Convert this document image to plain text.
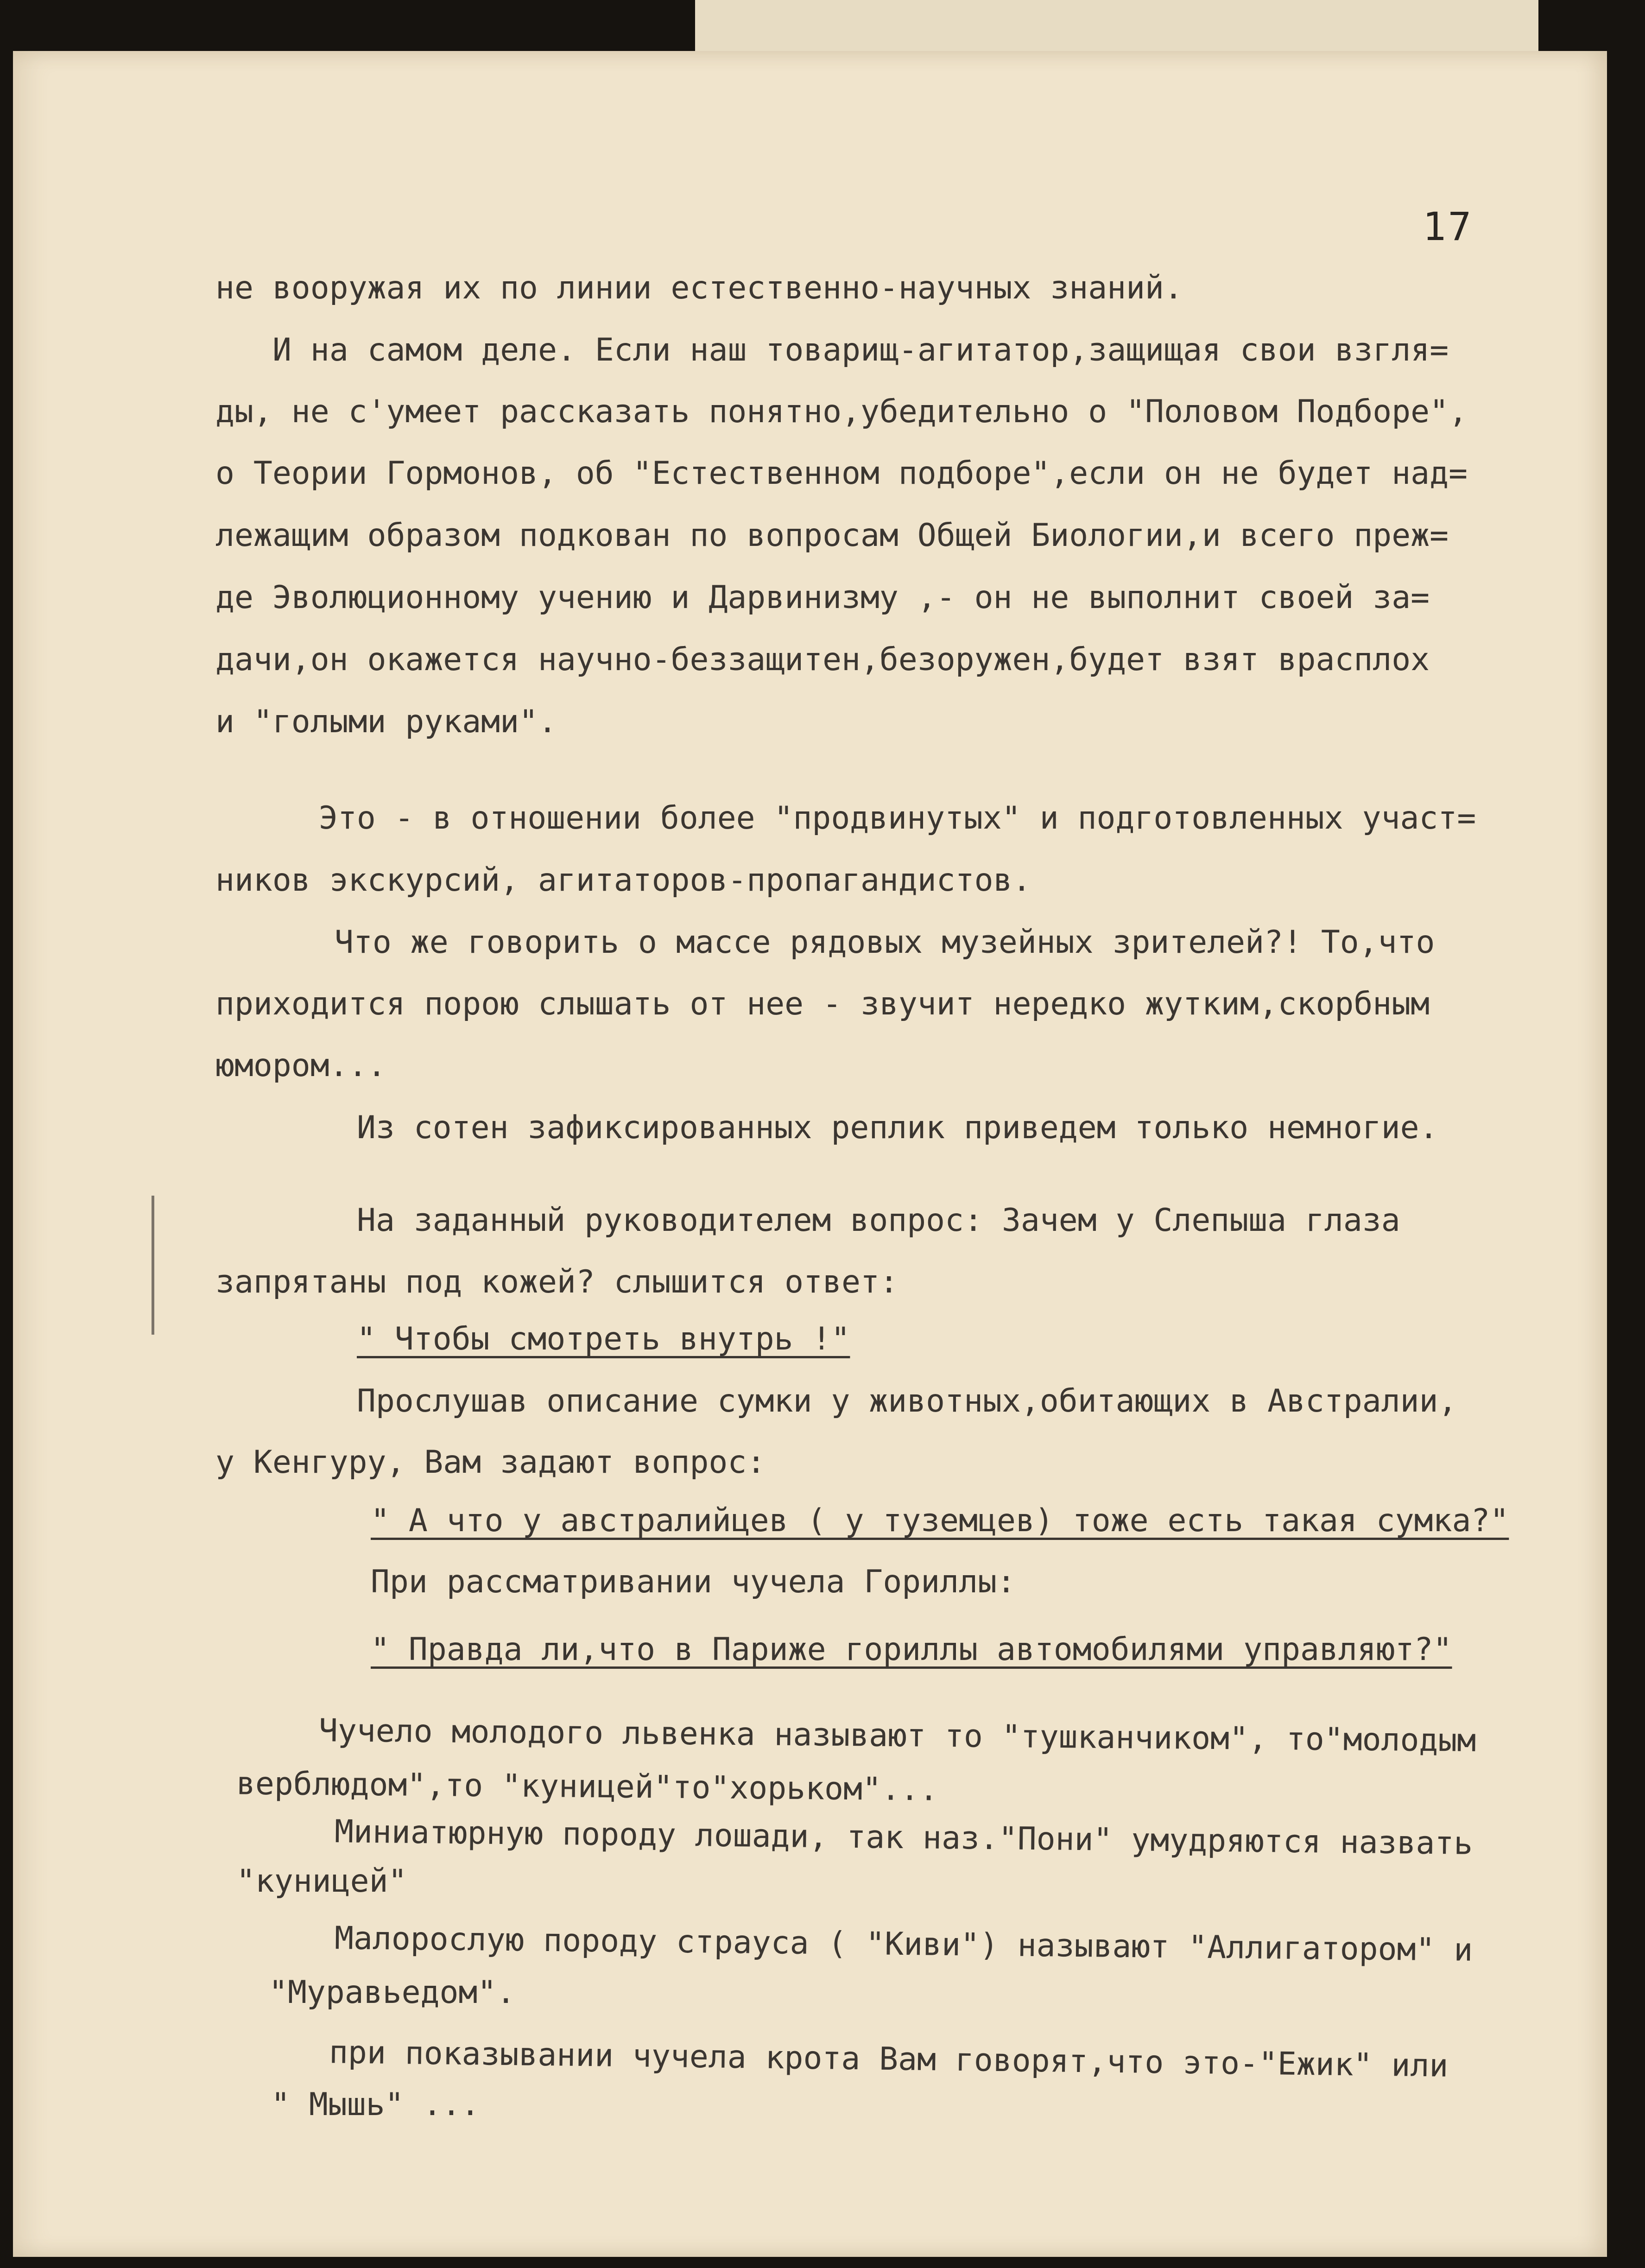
17

не вооружая их по линии естественно-научных знаний.

И на самом деле. Если наш товарищ-агитатор,защищая свои взгля=

ды, не с'умеет рассказать понятно,убедительно о "Половом Подборе",

о Теории Гормонов, об "Естественном подборе",если он не будет над=

лежащим образом подкован по вопросам Общей Биологии,и всего преж=

де Эволюционному учению и Дарвинизму ,- он не выполнит своей за=

дачи,он окажется научно-беззащитен,безоружен,будет взят врасплох

и "голыми руками".

Это - в отношении более "продвинутых" и подготовленных участ=

ников экскурсий, агитаторов-пропагандистов.

Что же говорить о массе рядовых музейных зрителей?! То,что

приходится порою слышать от нее - звучит нередко жутким,скорбным

юмором...

Из сотен зафиксированных реплик приведем только немногие.

На заданный руководителем вопрос: Зачем у Слепыша глаза

запрятаны под кожей? слышится ответ:

" Чтобы смотреть внутрь !"

Прослушав описание сумки у животных,обитающих в Австралии,

у Кенгуру, Вам задают вопрос:

" А что у австралийцев ( у туземцев) тоже есть такая сумка?"

При рассматривании чучела Гориллы:

" Правда ли,что в Париже гориллы автомобилями управляют?"

Чучело молодого львенка называют то "тушканчиком", то"молодым

верблюдом",то "куницей"то"хорьком"...

Миниатюрную породу лошади, так наз."Пони" умудряются назвать

"куницей"

Малорослую породу страуса ( "Киви") называют "Аллигатором" и

"Муравьедом".

при показывании чучела крота Вам говорят,что это-"Ежик" или

" Мышь" ...
